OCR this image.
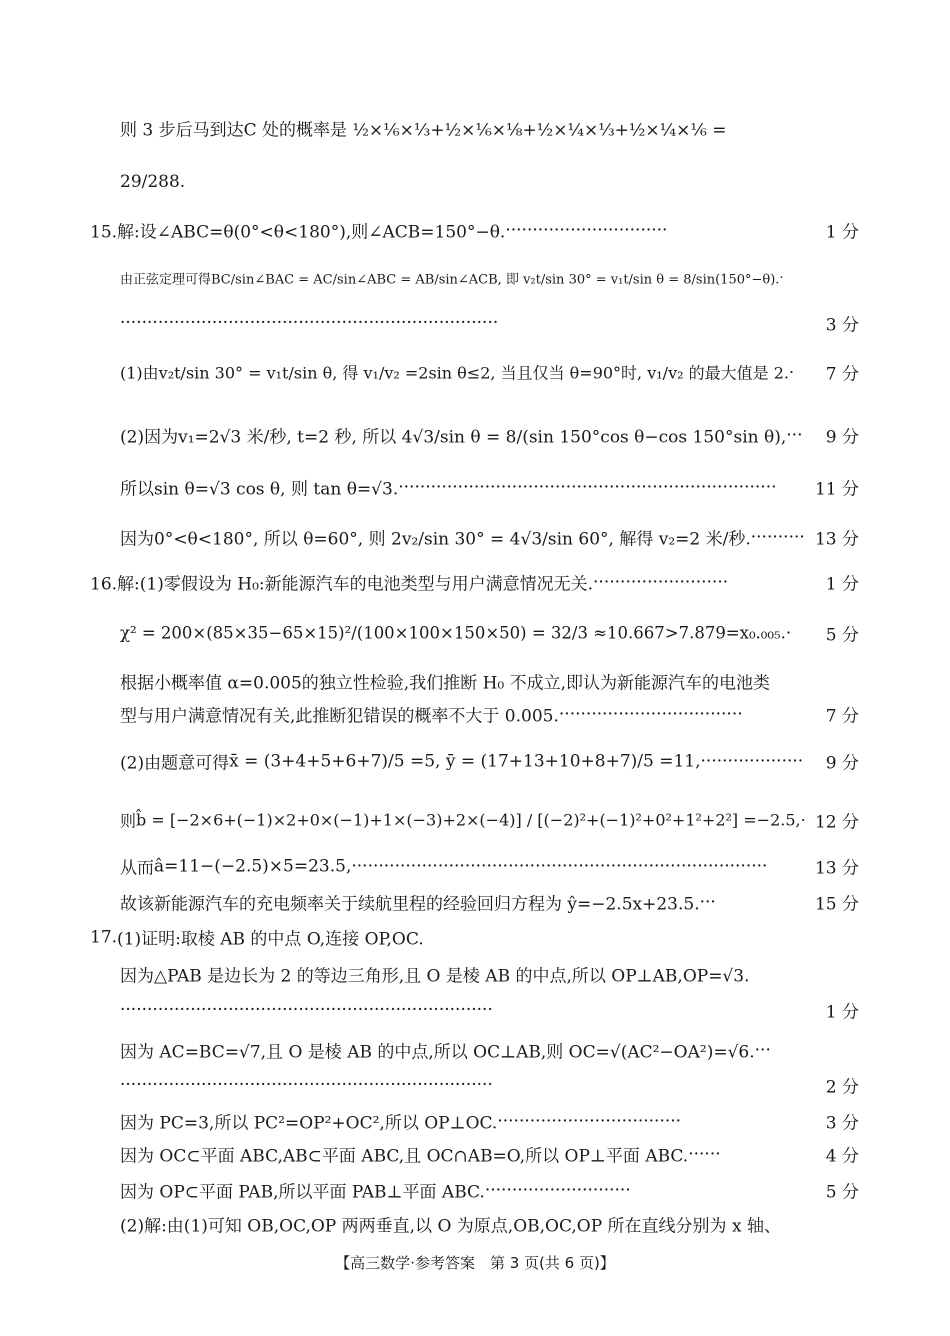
则 3 步后马到达 C 处的概率是 ½×⅙×⅓+½×⅙×⅛+½×¼×⅓+½×¼×⅙ =
29/288.
15.解: 设∠ABC=θ(0°<θ<180°),则∠ACB=150°−θ. ······························	1 分
由正弦定理可得 BC/sin∠BAC = AC/sin∠ABC = AB/sin∠ACB, 即 v₂t/sin 30° = v₁t/sin θ = 8/sin(150°−θ). ·
······································································	3 分
(1)由 v₂t/sin 30° = v₁t/sin θ, 得 v₁/v₂ =2sin θ≤2, 当且仅当 θ=90°时, v₁/v₂ 的最大值是 2. · 7 分
(2)因为 v₁=2√3 米/秒, t=2 秒, 所以 4√3/sin θ = 8/(sin 150°cos θ−cos 150°sin θ), ··· 9 分
所以 sin θ=√3 cos θ, 则 tan θ=√3. ······································································ 11 分
因为 0°<θ<180°, 所以 θ=60°, 则 2v₂/sin 30° = 4√3/sin 60°, 解得 v₂=2 米/秒. ·········· 13 分
16.解: (1)零假设为 H₀:新能源汽车的电池类型与用户满意情况无关. ·························	1 分
χ² = 200×(85×35−65×15)²/(100×100×150×50) = 32/3 ≈10.667>7.879=x₀.₀₀₅. · 5 分
根据小概率值 α=0.005的独立性检验,我们推断 H₀ 不成立,即认为新能源汽车的电池类
型与用户满意情况有关,此推断犯错误的概率不大于 0.005. ··································	7 分
(2)由题意可得 x̄ = (3+4+5+6+7)/5 =5, ȳ = (17+13+10+8+7)/5 =11, ··················· 9 分
则 b̂ = [−2×6+(−1)×2+0×(−1)+1×(−3)+2×(−4)] / [(−2)²+(−1)²+0²+1²+2²] =−2.5, · 12 分
从而 â=11−(−2.5)×5=23.5, ·············································································	13 分
故该新能源汽车的充电频率关于续航里程的经验回归方程为 ŷ=−2.5x+23.5. ···	15 分
17. (1)证明:取棱 AB 的中点 O,连接 OP,OC.
因为△PAB 是边长为 2 的等边三角形,且 O 是棱 AB 的中点,所以 OP⊥AB,OP=√3.
·····································································	1 分
因为 AC=BC=√7,且 O 是棱 AB 的中点,所以 OC⊥AB,则 OC=√(AC²−OA²)=√6. ···
·····································································	2 分
因为 PC=3,所以 PC²=OP²+OC²,所以 OP⊥OC. ··································	3 分
因为 OC⊂平面 ABC,AB⊂平面 ABC,且 OC∩AB=O,所以 OP⊥平面 ABC. ······	4 分
因为 OP⊂平面 PAB,所以平面 PAB⊥平面 ABC. ···························	5 分
(2)解:由(1)可知 OB,OC,OP 两两垂直,以 O 为原点,OB,OC,OP 所在直线分别为 x 轴、
【高三数学·参考答案　第 3 页(共 6 页)】
